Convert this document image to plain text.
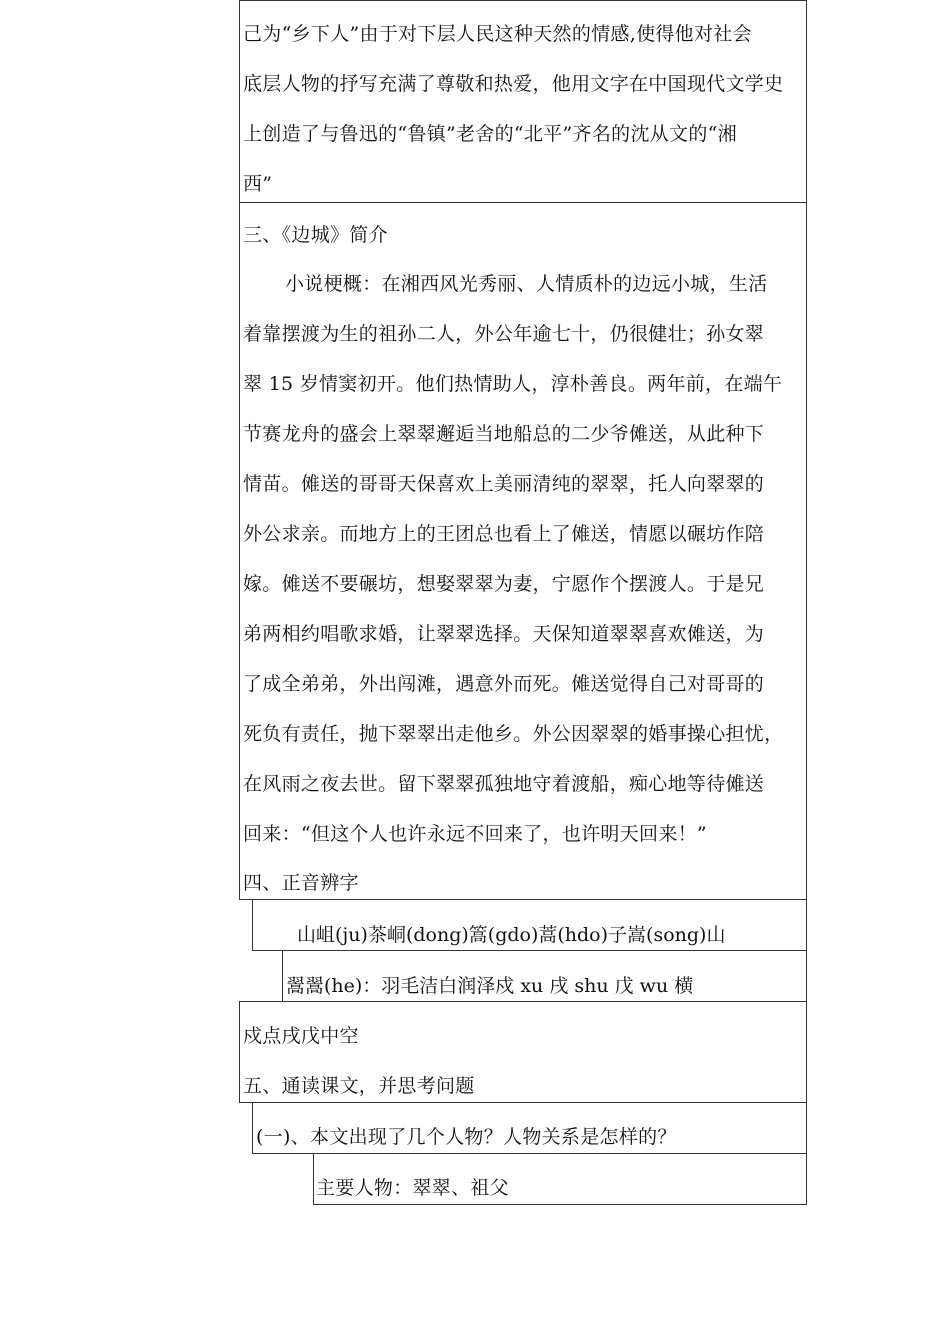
己为“乡下人”由于对下层人民这种天然的情感,使得他对社会
底层人物的抒写充满了尊敬和热爱，他用文字在中国现代文学史
上创造了与鲁迅的“鲁镇”老舍的“北平”齐名的沈从文的“湘
西”
三、《边城》简介
小说梗概：在湘西风光秀丽、人情质朴的边远小城，生活
着靠摆渡为生的祖孙二人，外公年逾七十，仍很健壮；孙女翠
翠 15 岁情窦初开。他们热情助人，淳朴善良。两年前，在端午
节赛龙舟的盛会上翠翠邂逅当地船总的二少爷傩送，从此种下
情苗。傩送的哥哥天保喜欢上美丽清纯的翠翠，托人向翠翠的
外公求亲。而地方上的王团总也看上了傩送，情愿以碾坊作陪
嫁。傩送不要碾坊，想娶翠翠为妻，宁愿作个摆渡人。于是兄
弟两相约唱歌求婚，让翠翠选择。天保知道翠翠喜欢傩送，为
了成全弟弟，外出闯滩，遇意外而死。傩送觉得自己对哥哥的
死负有责任，抛下翠翠出走他乡。外公因翠翠的婚事操心担忧，
在风雨之夜去世。留下翠翠孤独地守着渡船，痴心地等待傩送
回来：“但这个人也许永远不回来了，也许明天回来！”
四、正音辨字
山岨(ju)茶峒(dong)篙(gdo)蒿(hdo)子嵩(song)山
翯翯(he)：羽毛洁白润泽戍 xu 戌 shu 戊 wu 横
戍点戌戊中空
五、通读课文，并思考问题
(一)、本文出现了几个人物？人物关系是怎样的？
主要人物：翠翠、祖父
